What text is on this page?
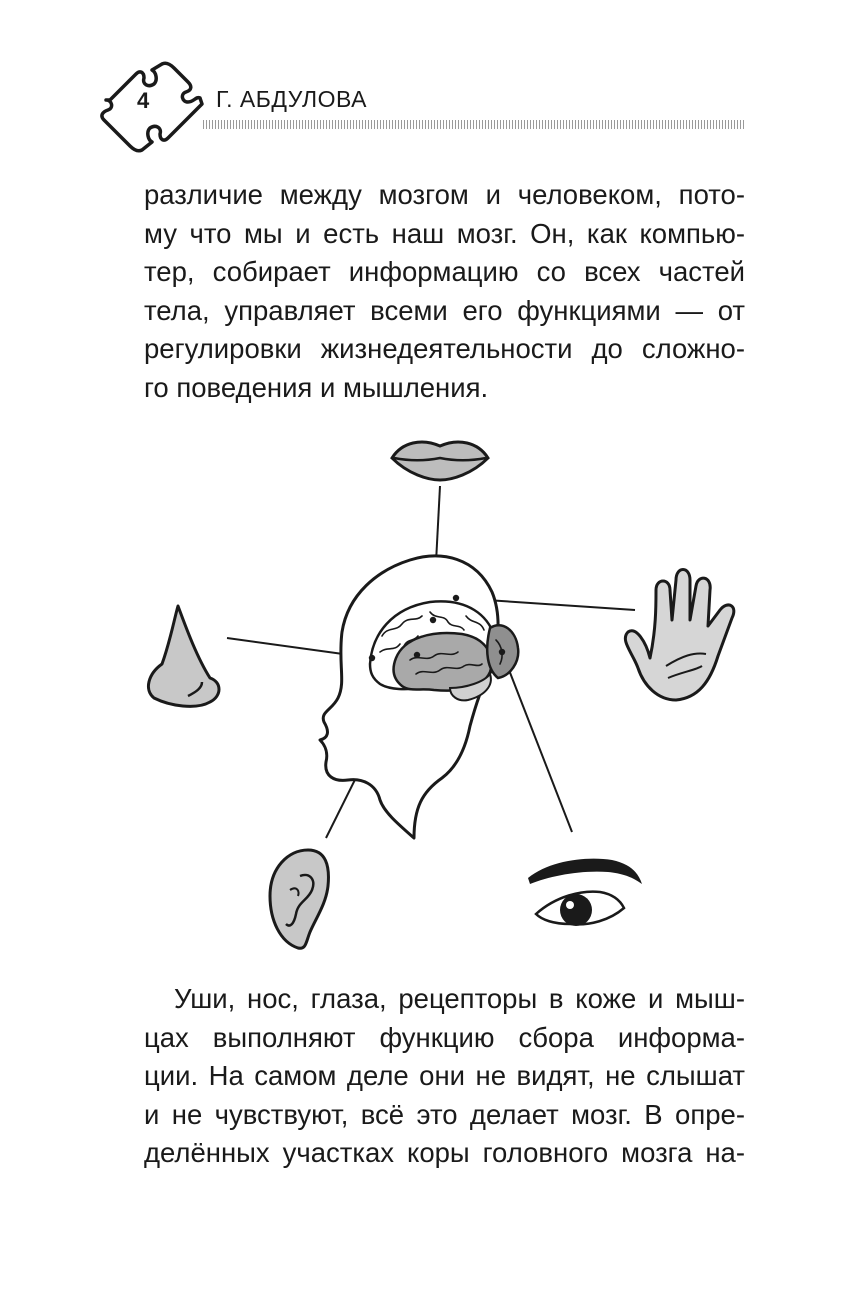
4	Г. АБДУЛОВА
различие между мозгом и человеком, пото-
му что мы и есть наш мозг. Он, как компью-
тер, собирает информацию со всех частей
тела, управляет всеми его функциями — от
регулировки жизнедеятельности до сложно-
го поведения и мышления.
Уши, нос, глаза, рецепторы в коже и мыш-
цах выполняют функцию сбора информа-
ции. На самом деле они не видят, не слышат
и не чувствуют, всё это делает мозг. В опре-
делённых участках коры головного мозга на-
